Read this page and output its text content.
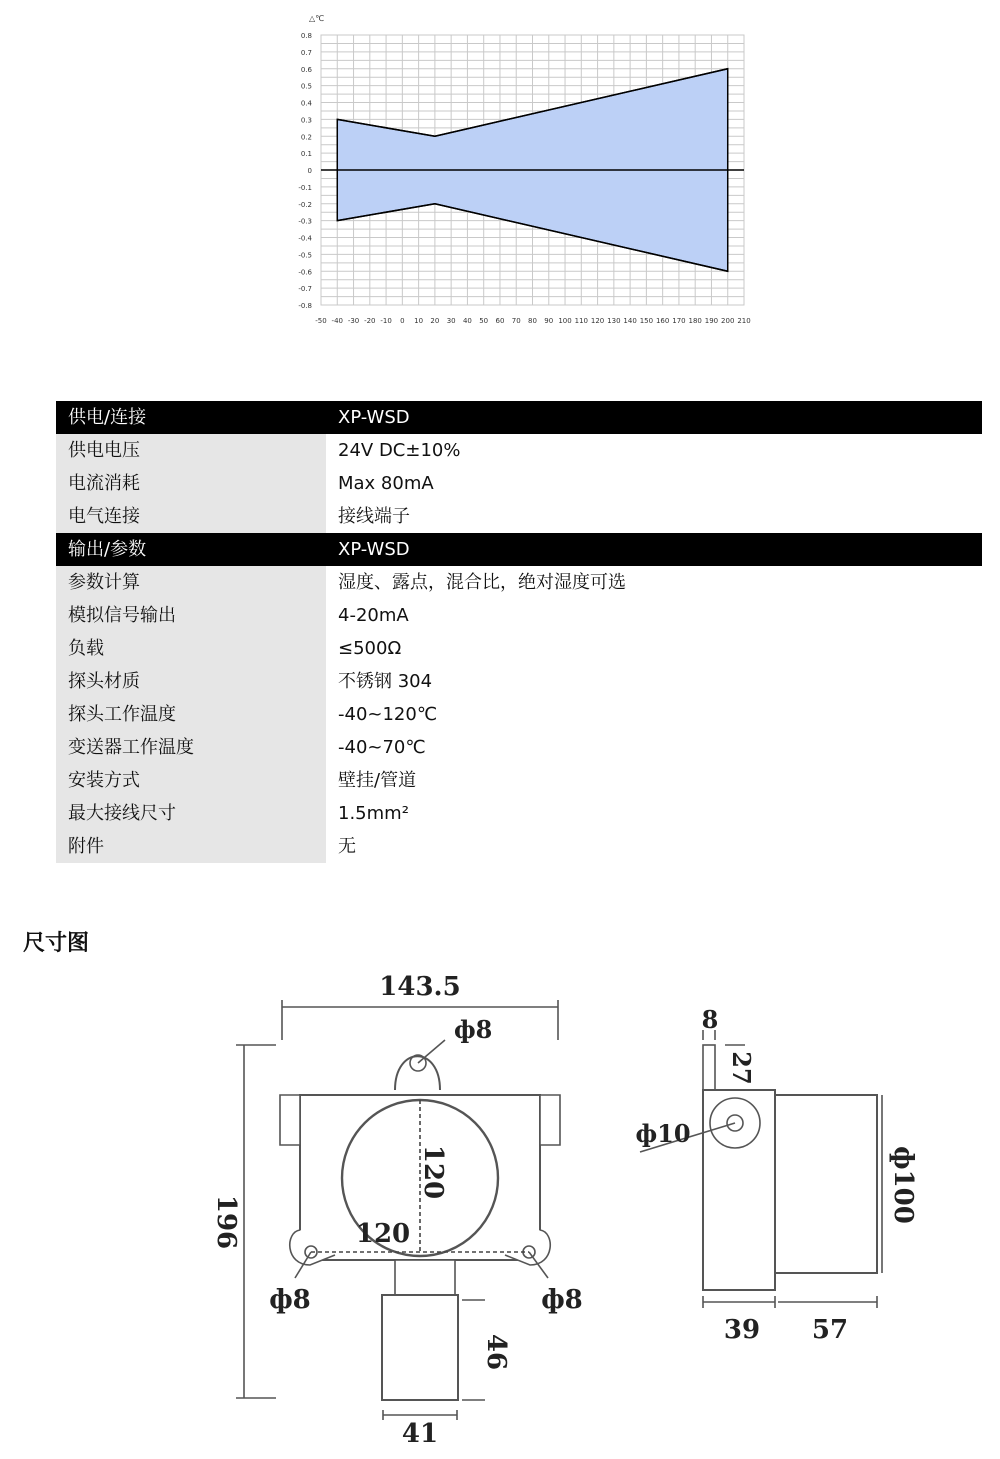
△℃
0.8
0.7
0.6
0.5
0.4
0.3
0.2
0.1
0
-0.1
-0.2
-0.3
-0.4
-0.5
-0.6
-0.7
-0.8
-50 -40 -30 -20 -10 0 10 20 30 40 50 60 70 80 90 100 110 120 130 140 150 160 170 180 190 200 210
供电/连接	XP-WSD
供电电压	24V DC±10%
电流消耗	Max 80mA
电气连接	接线端子
输出/参数	XP-WSD
参数计算	湿度、露点，混合比，绝对湿度可选
模拟信号输出	4-20mA
负载	≤500Ω
探头材质	不锈钢 304
探头工作温度	-40~120℃
变送器工作温度	-40~70℃
安装方式	壁挂/管道
最大接线尺寸	1.5mm²
附件	无
尺寸图
143.5
ф8
196
120
120
ф8	ф8
46
41
8
27
ф10
ф100
39 57
